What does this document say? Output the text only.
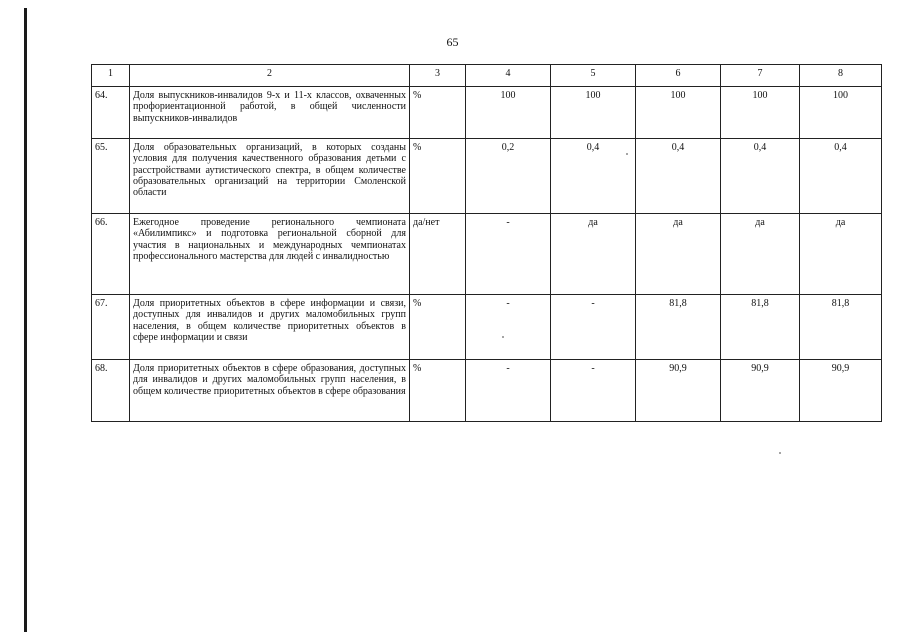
65
1	2	3	4	5	6	7	8
64.	Доля выпускников-инвалидов 9-х и 11-х классов, охваченных профориентационной работой, в общей численности выпускников-инвалидов	%	100	100	100	100	100
65.	Доля образовательных организаций, в которых созданы условия для получения качественного образования детьми с расстройствами аутистического спектра, в общем количестве образовательных организаций на территории Смоленской области	%	0,2	0,4	0,4	0,4	0,4
66.	Ежегодное проведение регионального чемпионата «Абилимпикс» и подготовка региональной сборной для участия в национальных и международных чемпионатах профессионального мастерства для людей с инвалидностью	да/нет	-	да	да	да	да
67.	Доля приоритетных объектов в сфере информации и связи, доступных для инвалидов и других маломобильных групп населения, в общем количестве приоритетных объектов в сфере информации и связи	%	-	-	81,8	81,8	81,8
68.	Доля приоритетных объектов в сфере образования, доступных для инвалидов и других маломобильных групп населения, в общем количестве приоритетных объектов в сфере образования	%	-	-	90,9	90,9	90,9
